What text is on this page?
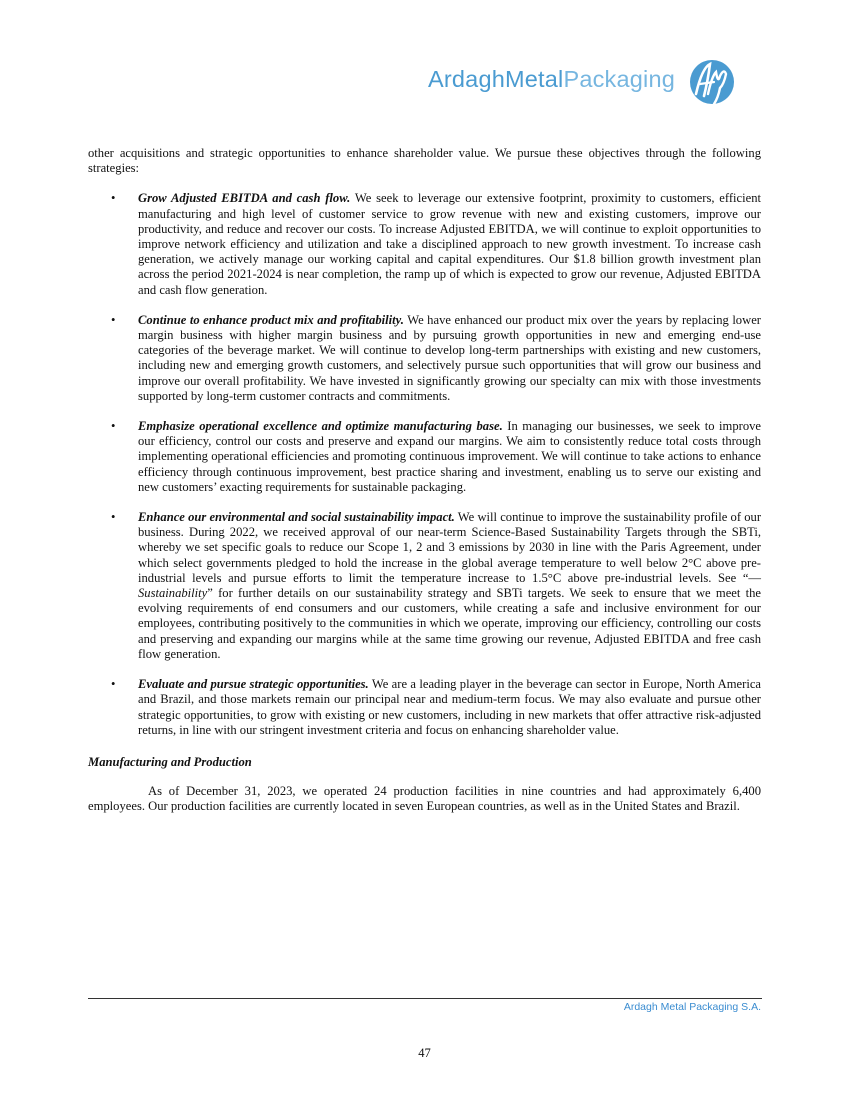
ArdaghMetalPackaging

other acquisitions and strategic opportunities to enhance shareholder value. We pursue these objectives through the following strategies:

• Grow Adjusted EBITDA and cash flow. We seek to leverage our extensive footprint, proximity to customers, efficient manufacturing and high level of customer service to grow revenue with new and existing customers, improve our productivity, and reduce and recover our costs. To increase Adjusted EBITDA, we will continue to exploit opportunities to improve network efficiency and utilization and take a disciplined approach to new growth investment. To increase cash generation, we actively manage our working capital and capital expenditures. Our $1.8 billion growth investment plan across the period 2021-2024 is near completion, the ramp up of which is expected to grow our revenue, Adjusted EBITDA and cash flow generation.
• Continue to enhance product mix and profitability. We have enhanced our product mix over the years by replacing lower margin business with higher margin business and by pursuing growth opportunities in new and emerging end-use categories of the beverage market. We will continue to develop long-term partnerships with existing and new customers, including new and emerging growth customers, and selectively pursue such opportunities that will grow our business and improve our overall profitability. We have invested in significantly growing our specialty can mix with those investments supported by long-term customer contracts and commitments.
• Emphasize operational excellence and optimize manufacturing base. In managing our businesses, we seek to improve our efficiency, control our costs and preserve and expand our margins. We aim to consistently reduce total costs through implementing operational efficiencies and promoting continuous improvement. We will continue to take actions to enhance efficiency through continuous improvement, best practice sharing and investment, enabling us to serve our existing and new customers’ exacting requirements for sustainable packaging.
• Enhance our environmental and social sustainability impact. We will continue to improve the sustainability profile of our business. During 2022, we received approval of our near-term Science-Based Sustainability Targets through the SBTi, whereby we set specific goals to reduce our Scope 1, 2 and 3 emissions by 2030 in line with the Paris Agreement, under which select governments pledged to hold the increase in the global average temperature to well below 2°C above pre-industrial levels and pursue efforts to limit the temperature increase to 1.5°C above pre-industrial levels. See “—Sustainability” for further details on our sustainability strategy and SBTi targets. We seek to ensure that we meet the evolving requirements of end consumers and our customers, while creating a safe and inclusive environment for our employees, contributing positively to the communities in which we operate, improving our efficiency, controlling our costs and preserving and expanding our margins while at the same time growing our revenue, Adjusted EBITDA and free cash flow generation.
• Evaluate and pursue strategic opportunities. We are a leading player in the beverage can sector in Europe, North America and Brazil, and those markets remain our principal near and medium-term focus. We may also evaluate and pursue other strategic opportunities, to grow with existing or new customers, including in new markets that offer attractive risk-adjusted returns, in line with our stringent investment criteria and focus on enhancing shareholder value.

Manufacturing and Production

As of December 31, 2023, we operated 24 production facilities in nine countries and had approximately 6,400 employees. Our production facilities are currently located in seven European countries, as well as in the United States and Brazil.

Ardagh Metal Packaging S.A.
47
